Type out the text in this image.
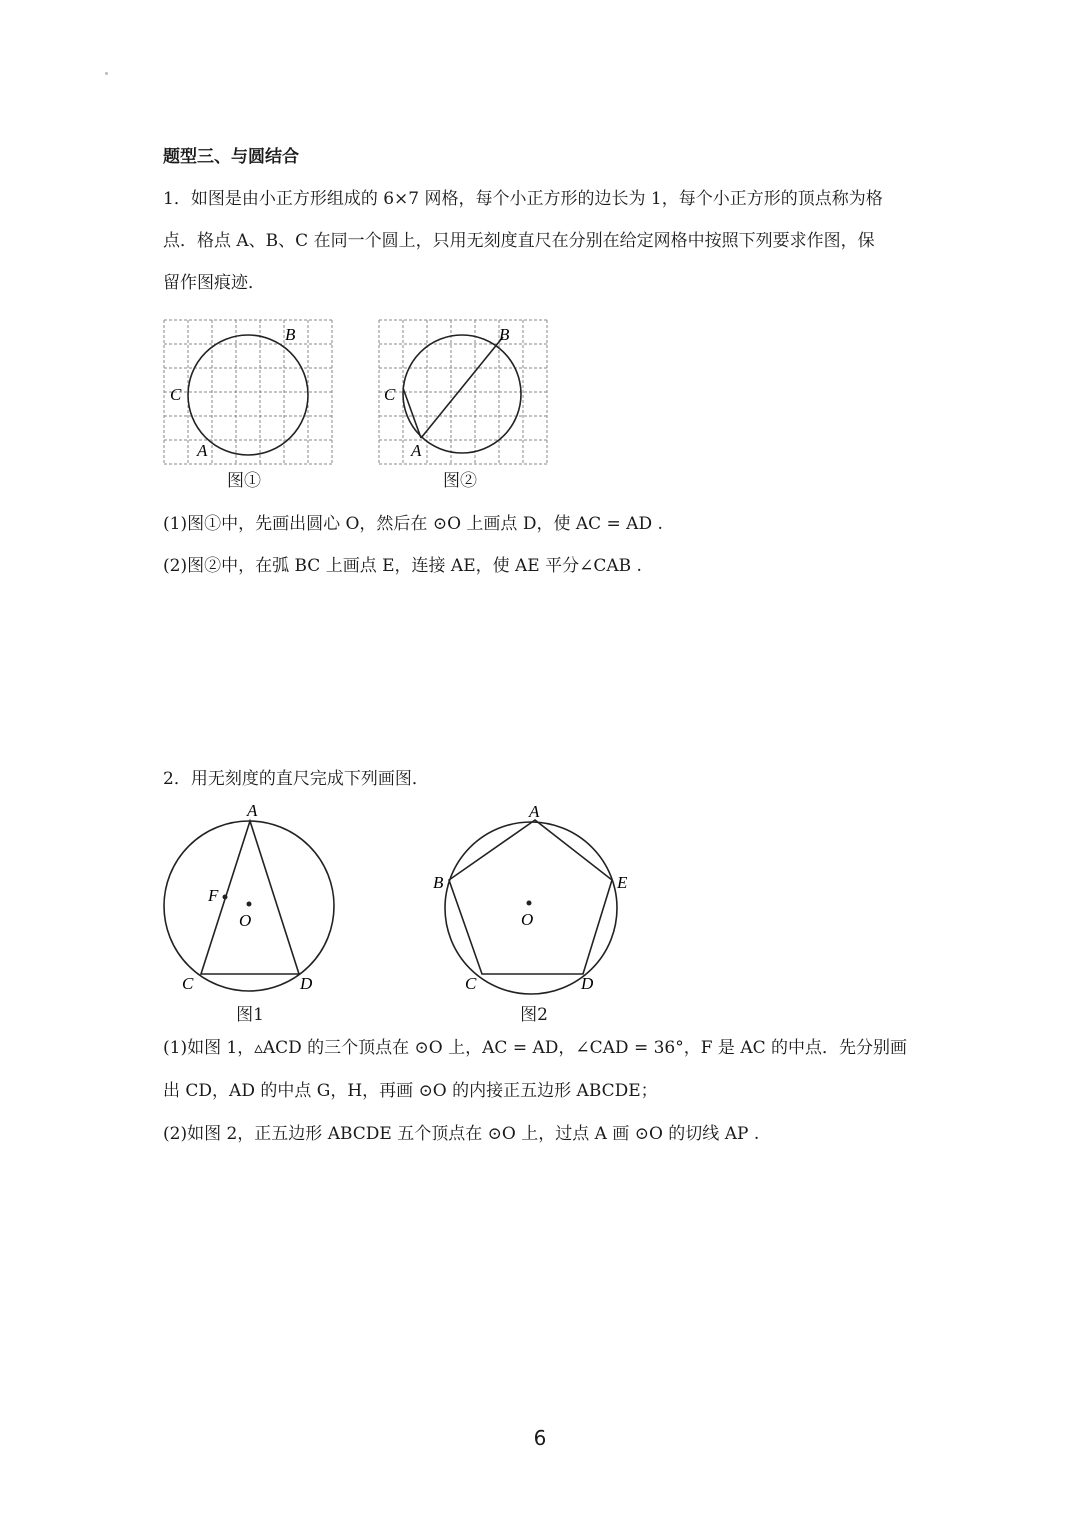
题型三、与圆结合
1．如图是由小正方形组成的 6×7 网格，每个小正方形的边长为 1，每个小正方形的顶点称为格
点．格点 A、B、C 在同一个圆上，只用无刻度直尺在分别在给定网格中按照下列要求作图，保
留作图痕迹．
B
C
A
图①
B
C
A
图②
(1)图①中，先画出圆心 O，然后在 ⊙O 上画点 D，使 AC = AD .
(2)图②中，在弧 BC 上画点 E，连接 AE，使 AE 平分∠CAB .
2．用无刻度的直尺完成下列画图．
A
F
O
C	D
图1
A
B	E
O
C	D
图2
(1)如图 1，▵ACD 的三个顶点在 ⊙O 上，AC = AD，∠CAD = 36°，F 是 AC 的中点．先分别画
出 CD，AD 的中点 G，H，再画 ⊙O 的内接正五边形 ABCDE；
(2)如图 2，正五边形 ABCDE 五个顶点在 ⊙O 上，过点 A 画 ⊙O 的切线 AP .
6
